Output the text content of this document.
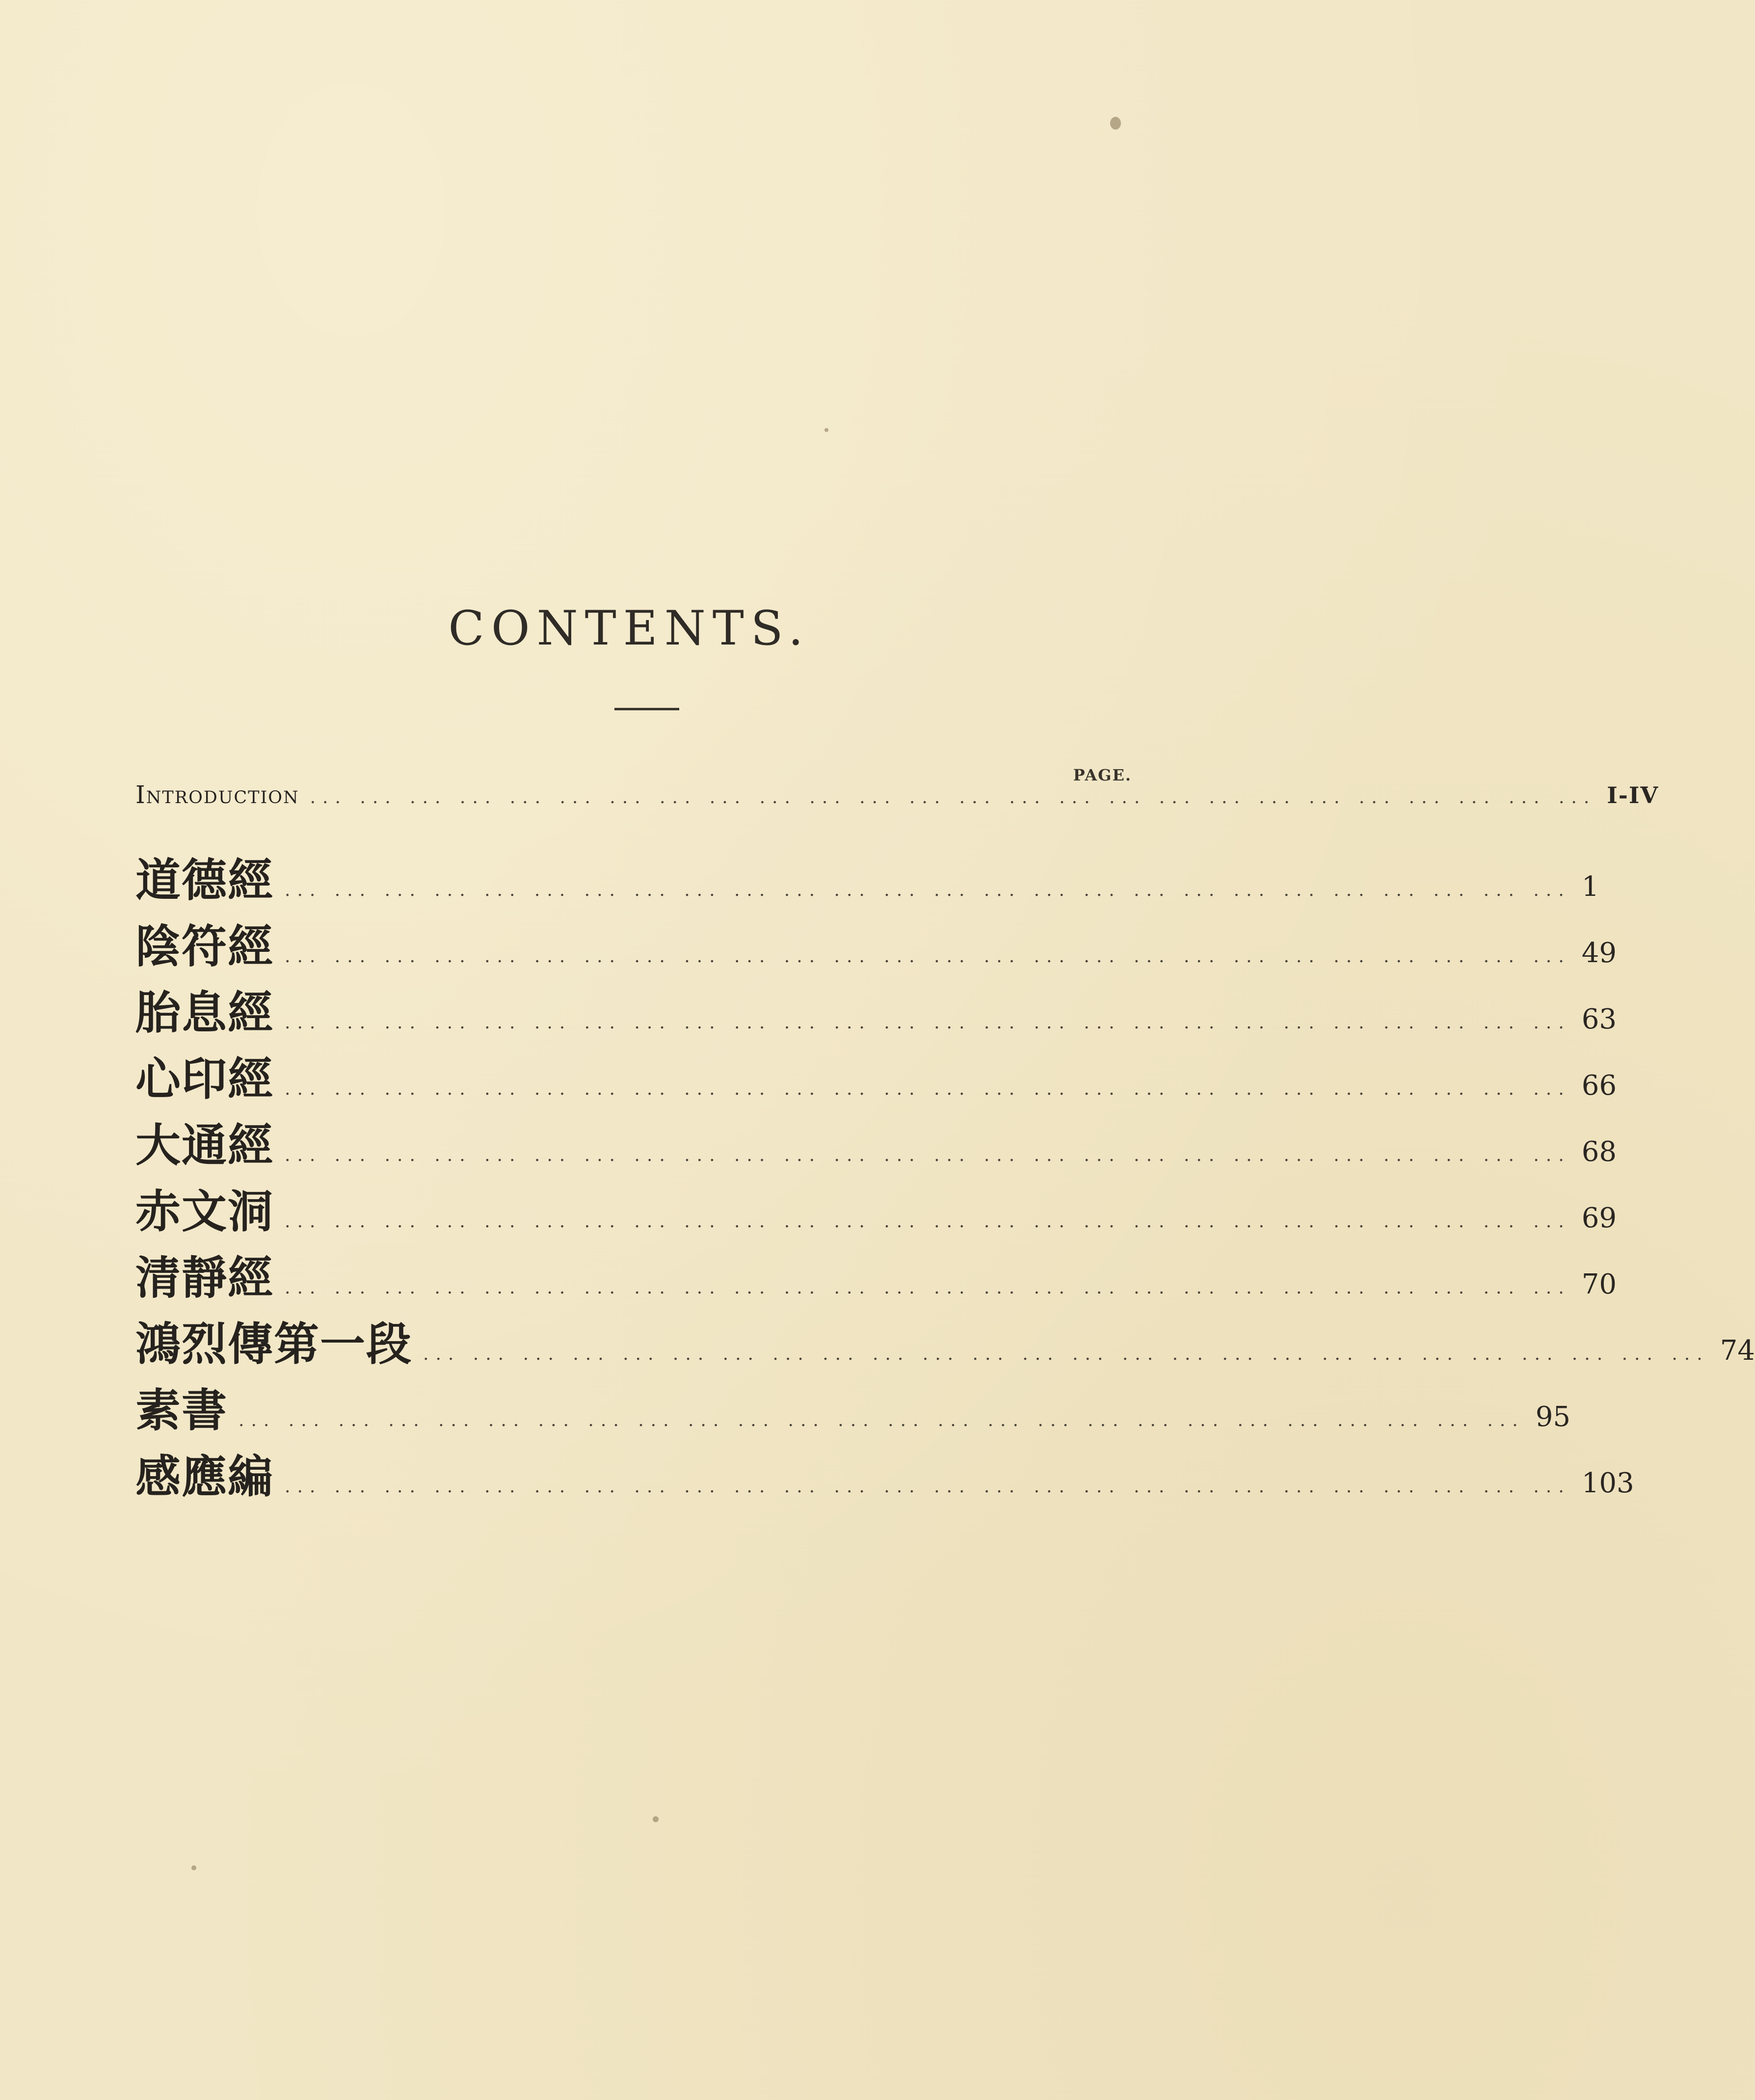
CONTENTS.
PAGE.
Introduction ... ... ... ... ... ... ... ... ... ... ... ... ... ... ... ... ... ... ... ... ... ... ... ... ... ... I-IV
道德經 ... ... ... ... ... ... ... ... ... ... ... ... ... ... ... ... ... ... ... ... ... ... ... ... ... ... 1
陰符經 ... ... ... ... ... ... ... ... ... ... ... ... ... ... ... ... ... ... ... ... ... ... ... ... ... ... 49
胎息經 ... ... ... ... ... ... ... ... ... ... ... ... ... ... ... ... ... ... ... ... ... ... ... ... ... ... 63
心印經 ... ... ... ... ... ... ... ... ... ... ... ... ... ... ... ... ... ... ... ... ... ... ... ... ... ... 66
大通經 ... ... ... ... ... ... ... ... ... ... ... ... ... ... ... ... ... ... ... ... ... ... ... ... ... ... 68
赤文洞 ... ... ... ... ... ... ... ... ... ... ... ... ... ... ... ... ... ... ... ... ... ... ... ... ... ... 69
清靜經 ... ... ... ... ... ... ... ... ... ... ... ... ... ... ... ... ... ... ... ... ... ... ... ... ... ... 70
鴻烈傳第一段 ... ... ... ... ... ... ... ... ... ... ... ... ... ... ... ... ... ... ... ... ... ... ... ... ... ... 74
素書 ... ... ... ... ... ... ... ... ... ... ... ... ... ... ... ... ... ... ... ... ... ... ... ... ... ... 95
感應編 ... ... ... ... ... ... ... ... ... ... ... ... ... ... ... ... ... ... ... ... ... ... ... ... ... ... 103
